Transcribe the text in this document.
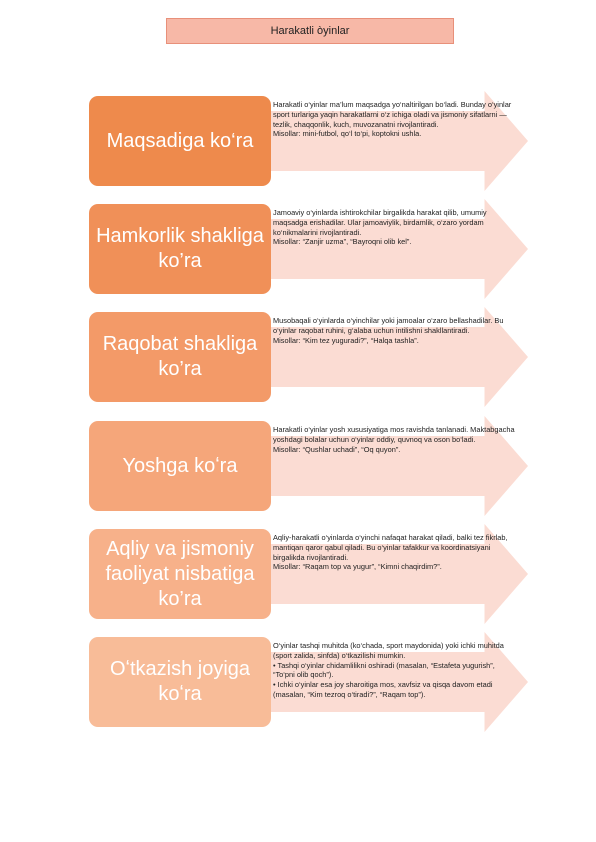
Harakatli òyinlar
Maqsadiga ko‘ra

Harakatli o‘yinlar ma’lum maqsadga yo‘naltirilgan bo‘ladi. Bunday o‘yinlar sport turlariga yaqin harakatlarni o‘z ichiga oladi va jismoniy sifatlarni — tezlik, chaqqonlik, kuch, muvozanatni rivojlantiradi.

Misollar: mini-futbol, qo‘l to‘pi, koptokni ushla.

Hamkorlik shakliga ko’ra

Jamoaviy o‘yinlarda ishtirokchilar birgalikda harakat qilib, umumiy maqsadga erishadilar. Ular jamoaviylik, birdamlik, o‘zaro yordam ko‘nikmalarini rivojlantiradi.

Misollar: “Zanjir uzma”, “Bayroqni olib kel”.

Raqobat shakliga ko’ra

Musobaqali o‘yinlarda o‘yinchilar yoki jamoalar o‘zaro bellashadilar. Bu o‘yinlar raqobat ruhini, g‘alaba uchun intilishni shakllantiradi.

Misollar: “Kim tez yuguradi?”, “Halqa tashla”.

Yoshga koʻra

Harakatli o‘yinlar yosh xususiyatiga mos ravishda tanlanadi. Maktabgacha yoshdagi bolalar uchun o‘yinlar oddiy, quvnoq va oson bo‘ladi.

Misollar: “Qushlar uchadi”, “Oq quyon”.

Aqliy va jismoniy faoliyat nisbatiga ko’ra

Aqliy-harakatli o‘yinlarda o‘yinchi nafaqat harakat qiladi, balki tez fikrlab, mantiqan qaror qabul qiladi. Bu o‘yinlar tafakkur va koordinatsiyani birgalikda rivojlantiradi.

Misollar: “Raqam top va yugur”, “Kimni chaqirdim?”.

Oʻtkazish joyiga koʻra

O‘yinlar tashqi muhitda (ko‘chada, sport maydonida) yoki ichki muhitda (sport zalida, sinfda) o‘tkazilishi mumkin.

• Tashqi o‘yinlar chidamlilikni oshiradi (masalan, “Estafeta yugurish”, “To‘pni olib qoch”).

• Ichki o‘yinlar esa joy sharoitiga mos, xavfsiz va qisqa davom etadi (masalan, “Kim tezroq o‘tiradi?”, “Raqam top”).
